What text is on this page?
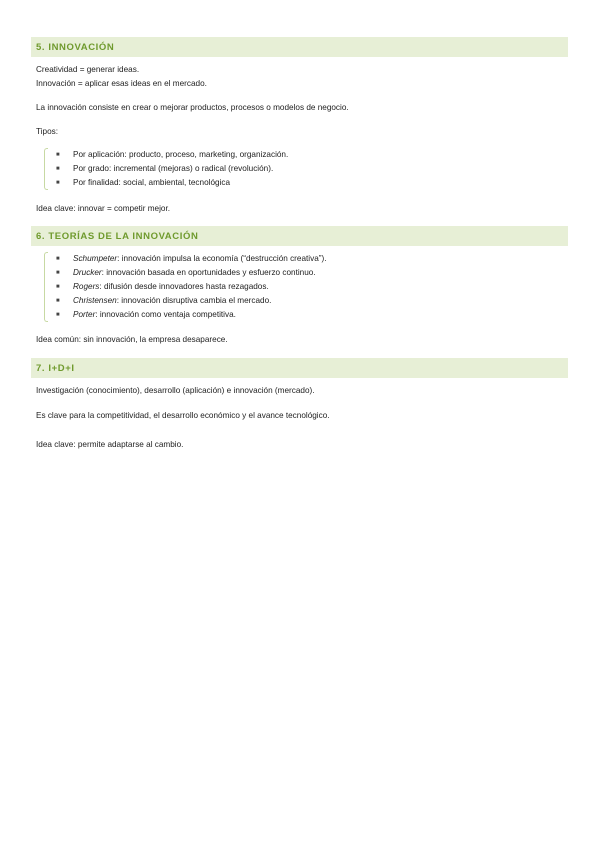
5. INNOVACIÓN
Creatividad = generar ideas.
Innovación = aplicar esas ideas en el mercado.
La innovación consiste en crear o mejorar productos, procesos o modelos de negocio.
Tipos:
■ Por aplicación: producto, proceso, marketing, organización.
■ Por grado: incremental (mejoras) o radical (revolución).
■ Por finalidad: social, ambiental, tecnológica
Idea clave: innovar = competir mejor.
6. TEORÍAS DE LA INNOVACIÓN
■ Schumpeter: innovación impulsa la economía (“destrucción creativa”).
■ Drucker: innovación basada en oportunidades y esfuerzo continuo.
■ Rogers: difusión desde innovadores hasta rezagados.
■ Christensen: innovación disruptiva cambia el mercado.
■ Porter: innovación como ventaja competitiva.
Idea común: sin innovación, la empresa desaparece.
7. I+D+I
Investigación (conocimiento), desarrollo (aplicación) e innovación (mercado).
Es clave para la competitividad, el desarrollo económico y el avance tecnológico.
Idea clave: permite adaptarse al cambio.
